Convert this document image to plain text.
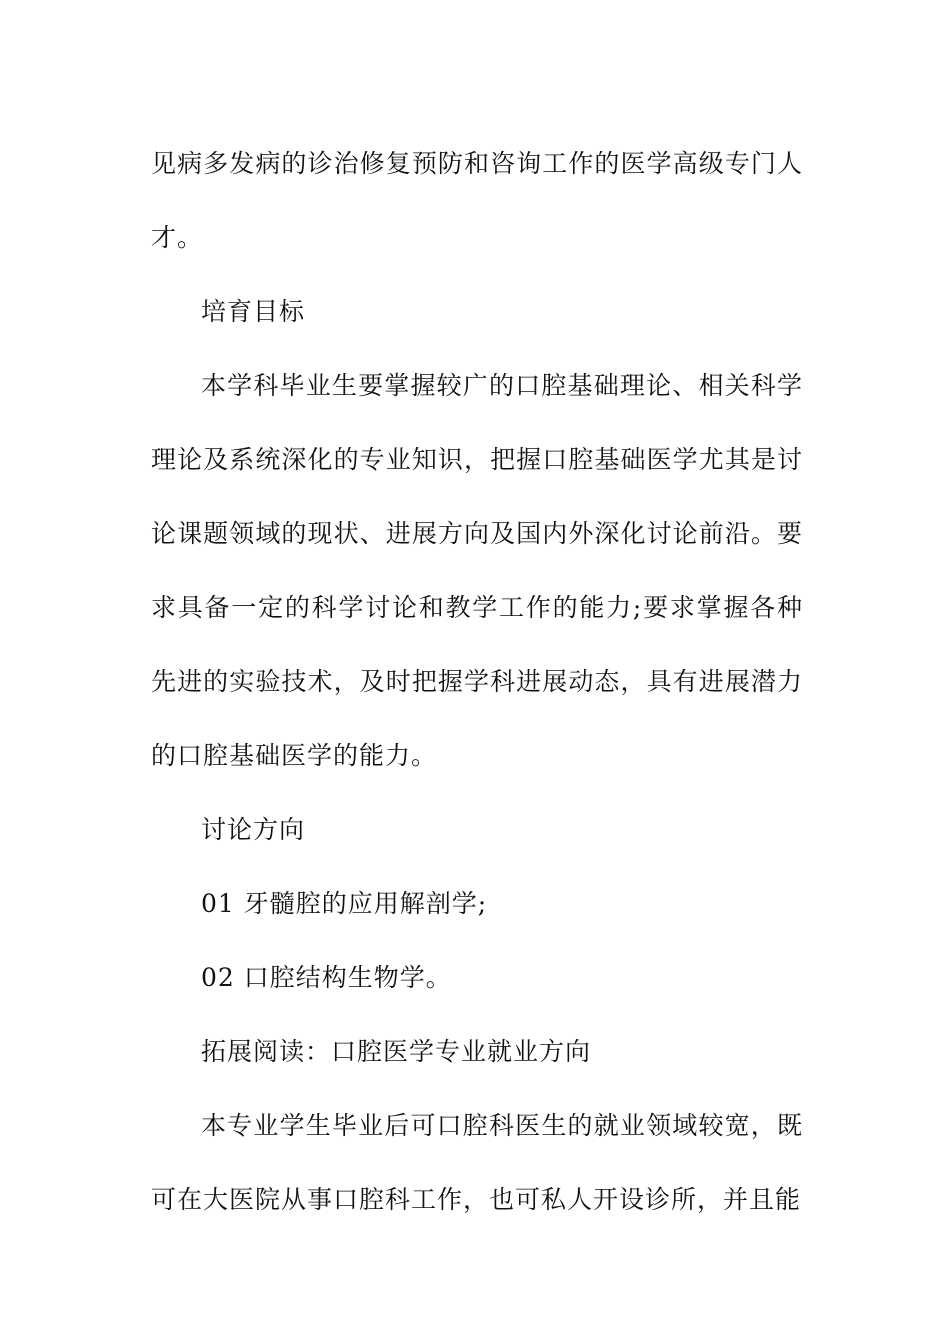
见病多发病的诊治修复预防和咨询工作的医学高级专门人才。

培育目标

本学科毕业生要掌握较广的口腔基础理论、相关科学理论及系统深化的专业知识，把握口腔基础医学尤其是讨论课题领域的现状、进展方向及国内外深化讨论前沿。要求具备一定的科学讨论和教学工作的能力;要求掌握各种先进的实验技术，及时把握学科进展动态，具有进展潜力的口腔基础医学的能力。

讨论方向

01 牙髓腔的应用解剖学;

02 口腔结构生物学。

拓展阅读：口腔医学专业就业方向

本专业学生毕业后可口腔科医生的就业领域较宽，既可在大医院从事口腔科工作，也可私人开设诊所，并且能
